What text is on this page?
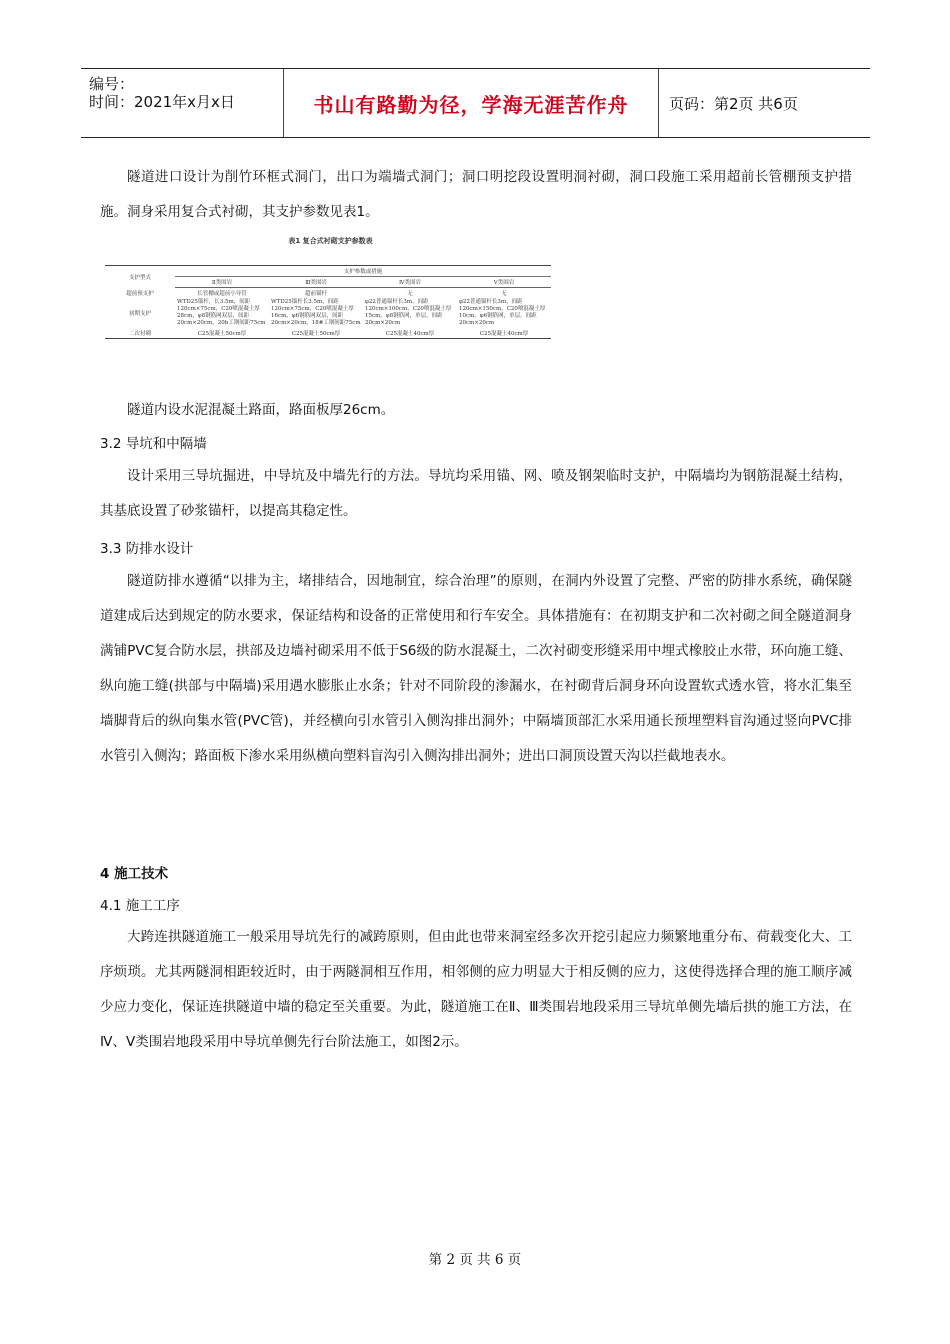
编号：
时间：2021年x月x日	书山有路勤为径，学海无涯苦作舟	页码：第2页 共6页

隧道进口设计为削竹环框式洞门，出口为端墙式洞门；洞口明挖段设置明洞衬砌，洞口段施工采用超前长管棚预支护措施。洞身采用复合式衬砌，其支护参数见表1。

表1 复合式衬砌支护参数表
支护型式	支护参数或措施			
	Ⅱ类围岩	Ⅲ类围岩	Ⅳ类围岩	Ⅴ类围岩
超前预支护	长管棚或超前小导管	超前锚杆	无	无
初期支护	WTD25锚杆，长3.5m，间距120cm×75cm，C20喷混凝土厚28cm，φ8钢筋网双层，间距20cm×20cm，20b工钢间距75cm	WTD25锚杆长3.5m，间距120cm×75cm，C20喷混凝土厚16cm，φ6钢筋网双层，间距20cm×20cm，18#工钢间距75cm	φ22普通锚杆长3m，间距120cm×100cm，C20喷混凝土厚15cm，φ8钢筋网，单层，间距20cm×20cm	φ22普通锚杆长3m，间距120cm×150cm，C20喷混凝土厚10cm，φ6钢筋网，单层，间距20cm×20cm
二次衬砌	C25混凝土50cm厚	C25混凝土50cm厚	C25混凝土40cm厚	C25混凝土40cm厚

隧道内设水泥混凝土路面，路面板厚26cm。

3.2 导坑和中隔墙

设计采用三导坑掘进，中导坑及中墙先行的方法。导坑均采用锚、网、喷及钢架临时支护，中隔墙均为钢筋混凝土结构，其基底设置了砂浆锚杆，以提高其稳定性。

3.3 防排水设计

隧道防排水遵循“以排为主，堵排结合，因地制宜，综合治理”的原则，在洞内外设置了完整、严密的防排水系统，确保隧道建成后达到规定的防水要求，保证结构和设备的正常使用和行车安全。具体措施有：在初期支护和二次衬砌之间全隧道洞身满铺PVC复合防水层，拱部及边墙衬砌采用不低于S6级的防水混凝土，二次衬砌变形缝采用中埋式橡胶止水带，环向施工缝、纵向施工缝(拱部与中隔墙)采用遇水膨胀止水条；针对不同阶段的渗漏水，在衬砌背后洞身环向设置软式透水管，将水汇集至墙脚背后的纵向集水管(PVC管)，并经横向引水管引入侧沟排出洞外；中隔墙顶部汇水采用通长预埋塑料盲沟通过竖向PVC排水管引入侧沟；路面板下渗水采用纵横向塑料盲沟引入侧沟排出洞外；进出口洞顶设置天沟以拦截地表水。

4 施工技术

4.1 施工工序

大跨连拱隧道施工一般采用导坑先行的减跨原则，但由此也带来洞室经多次开挖引起应力频繁地重分布、荷载变化大、工序烦琐。尤其两隧洞相距较近时，由于两隧洞相互作用，相邻侧的应力明显大于相反侧的应力，这使得选择合理的施工顺序减少应力变化，保证连拱隧道中墙的稳定至关重要。为此，隧道施工在Ⅱ、Ⅲ类围岩地段采用三导坑单侧先墙后拱的施工方法，在Ⅳ、Ⅴ类围岩地段采用中导坑单侧先行台阶法施工，如图2示。

第 2 页 共 6 页
